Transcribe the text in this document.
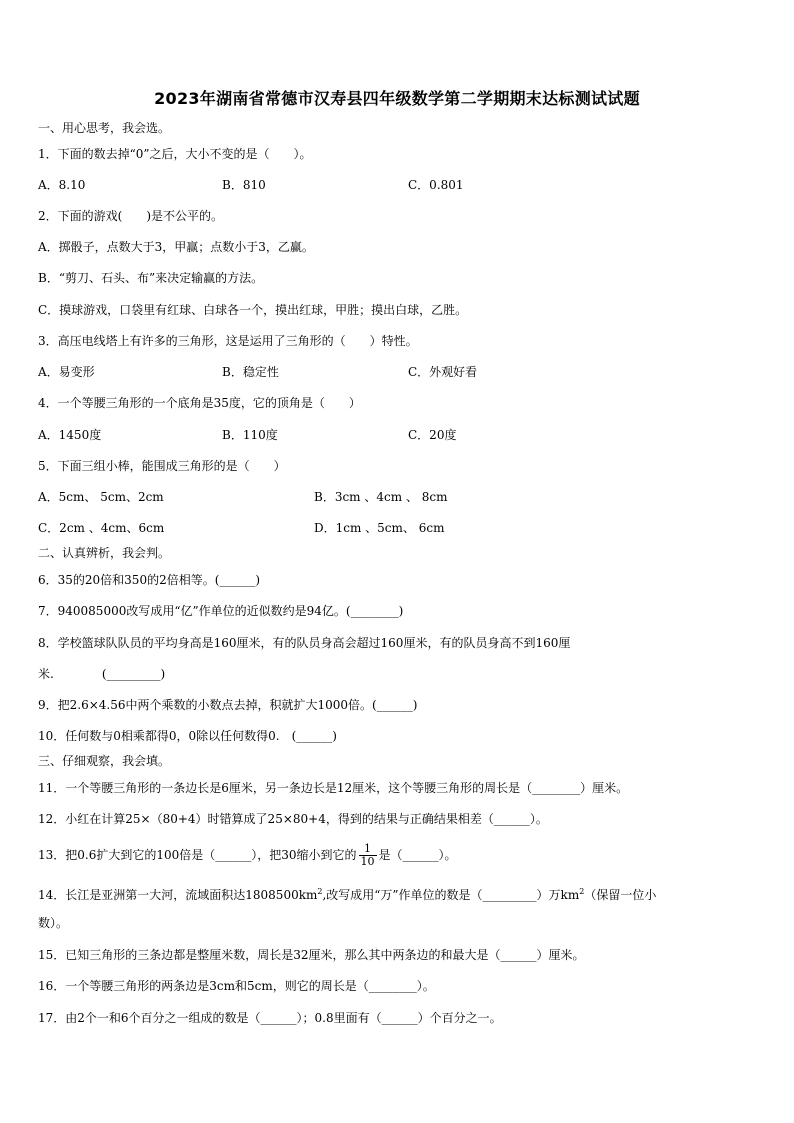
2023年湖南省常德市汉寿县四年级数学第二学期期末达标测试试题
一、用心思考，我会选。
1．下面的数去掉“0”之后，大小不变的是（　　）。
A．8.10	B．810	C．0.801
2．下面的游戏(　　)是不公平的。
A．掷骰子，点数大于3，甲赢；点数小于3，乙赢。
B．“剪刀、石头、布”来决定输赢的方法。
C．摸球游戏，口袋里有红球、白球各一个，摸出红球，甲胜；摸出白球，乙胜。
3．高压电线塔上有许多的三角形，这是运用了三角形的（　　）特性。
A．易变形	B．稳定性	C．外观好看
4．一个等腰三角形的一个底角是35度，它的顶角是（　　）
A．1450度	B．110度	C．20度
5．下面三组小棒，能围成三角形的是（　　）
A．5cm、 5cm、2cm	B．3cm 、4cm 、 8cm
C．2cm 、4cm、6cm	D．1cm 、5cm、 6cm
二、认真辨析，我会判。
6．35的20倍和350的2倍相等。(______)
7．940085000改写成用“亿”作单位的近似数约是94亿。(________)
8．学校篮球队队员的平均身高是160厘米，有的队员身高会超过160厘米，有的队员身高不到160厘
米.　　　　(_________)
9．把2.6×4.56中两个乘数的小数点去掉，积就扩大1000倍。(______)
10．任何数与0相乘都得0，0除以任何数得0.　(______)
三、仔细观察，我会填。
11．一个等腰三角形的一条边长是6厘米，另一条边长是12厘米，这个等腰三角形的周长是（________）厘米。
12．小红在计算25×（80+4）时错算成了25×80+4，得到的结果与正确结果相差（______）。
13．把0.6扩大到它的100倍是（______），把30缩小到它的 $\frac{1}{10}$ 是（______）。
14．长江是亚洲第一大河，流域面积达$1808500km^2$,改写成用“万”作单位的数是（_________）万$km^2$（保留一位小
数）。
15．已知三角形的三条边都是整厘米数，周长是32厘米，那么其中两条边的和最大是（______）厘米。
16．一个等腰三角形的两条边是3cm和5cm，则它的周长是（________）。
17．由2个一和6个百分之一组成的数是（______）；0.8里面有（______）个百分之一。
